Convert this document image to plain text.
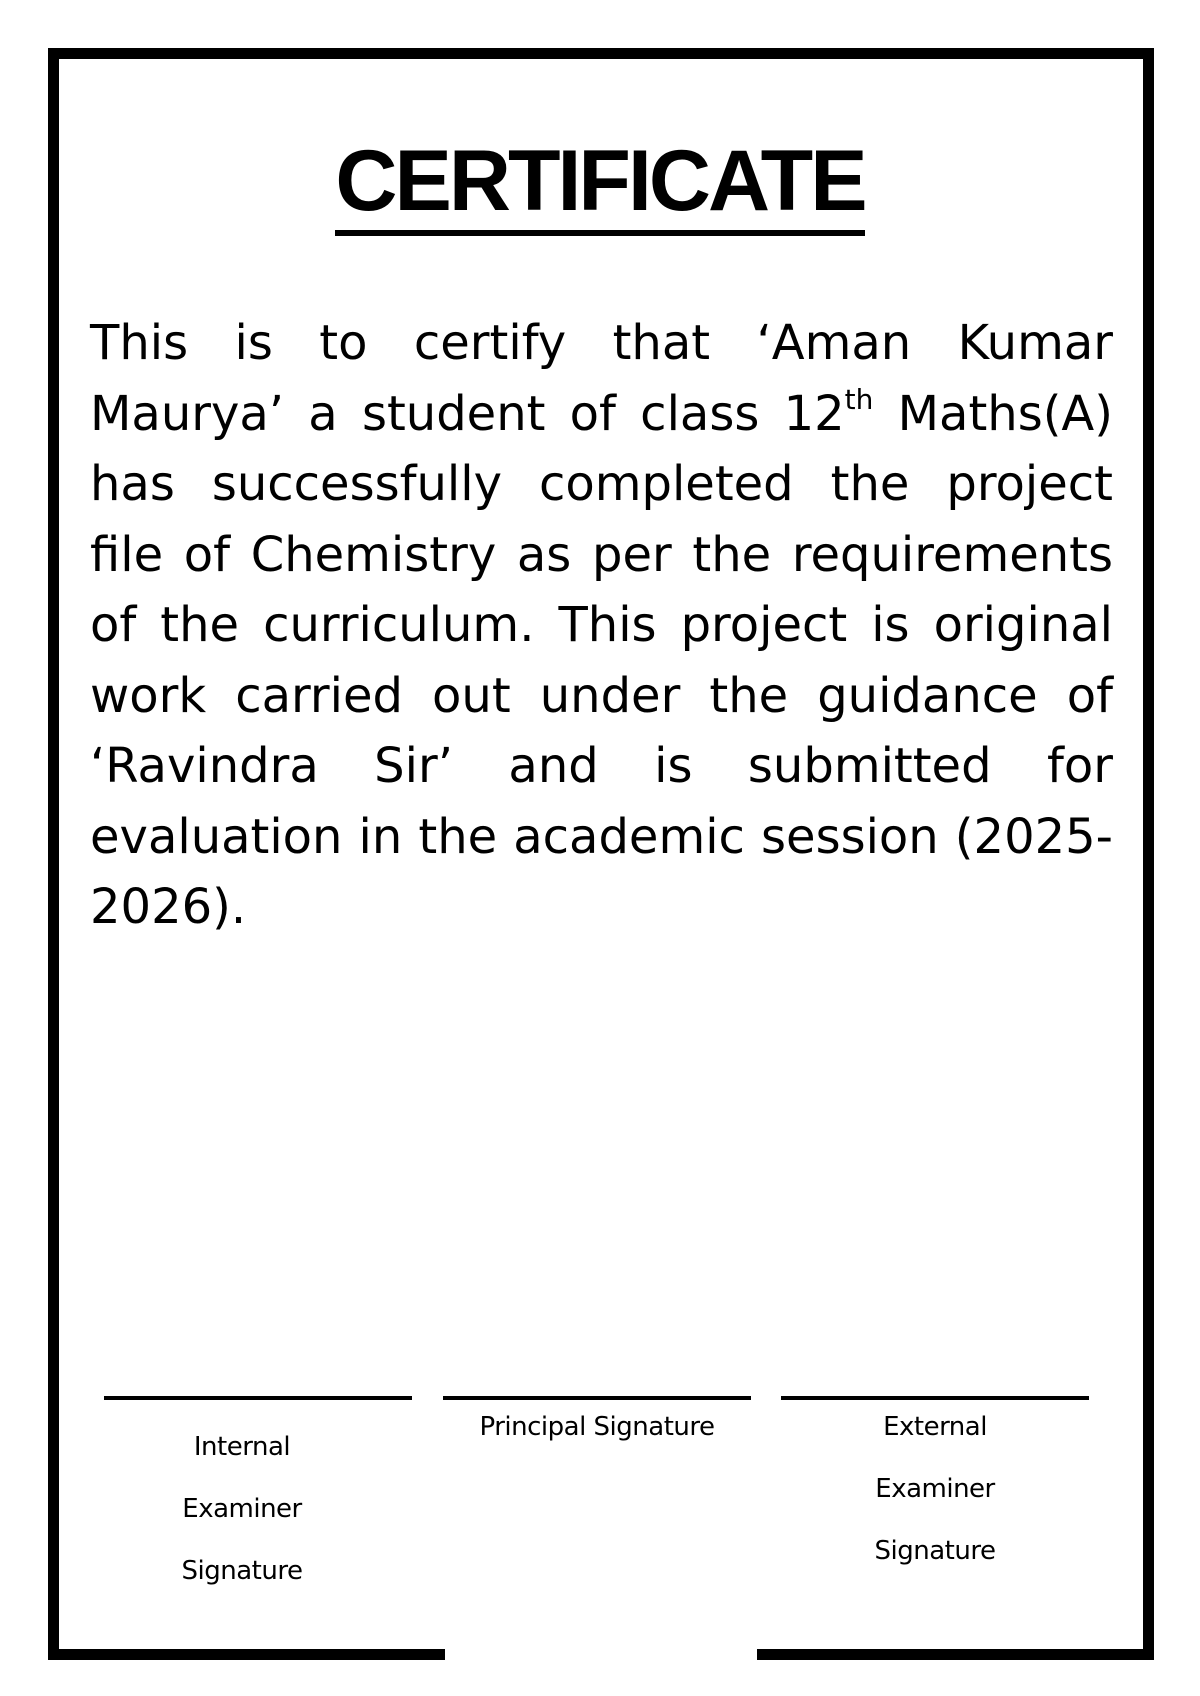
CERTIFICATE

This is to certify that ‘Aman Kumar Maurya’ a student of class 12th Maths(A) has successfully completed the project file of Chemistry as per the requirements of the curriculum. This project is original work carried out under the guidance of ‘Ravindra Sir’ and is submitted for evaluation in the academic session (2025-2026).

Internal
Examiner
Signature
Principal Signature	External
Examiner
Signature
